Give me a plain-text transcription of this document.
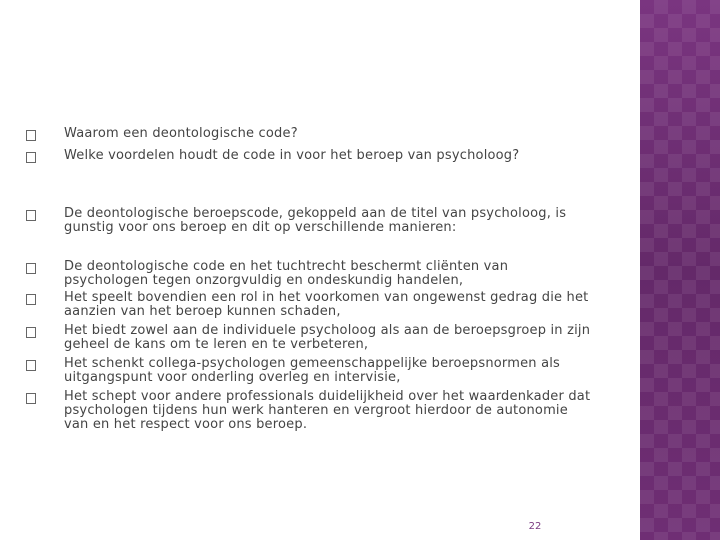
Waarom een deontologische code?
Welke voordelen houdt de code in voor het beroep van psycholoog?
De deontologische beroepscode, gekoppeld aan de titel van psycholoog, is gunstig voor ons beroep en dit op verschillende manieren:
De deontologische code en het tuchtrecht beschermt cliënten van psychologen tegen onzorgvuldig en ondeskundig handelen,
Het speelt bovendien een rol in het voorkomen van ongewenst gedrag die het aanzien van het beroep kunnen schaden,
Het biedt zowel aan de individuele psycholoog als aan de beroepsgroep in zijn geheel de kans om te leren en te verbeteren,
Het schenkt collega-psychologen gemeenschappelijke beroepsnormen als uitgangspunt voor onderling overleg en intervisie,
Het schept voor andere professionals duidelijkheid over het waardenkader dat psychologen tijdens hun werk hanteren en vergroot hierdoor de autonomie van en het respect voor ons beroep.
22
